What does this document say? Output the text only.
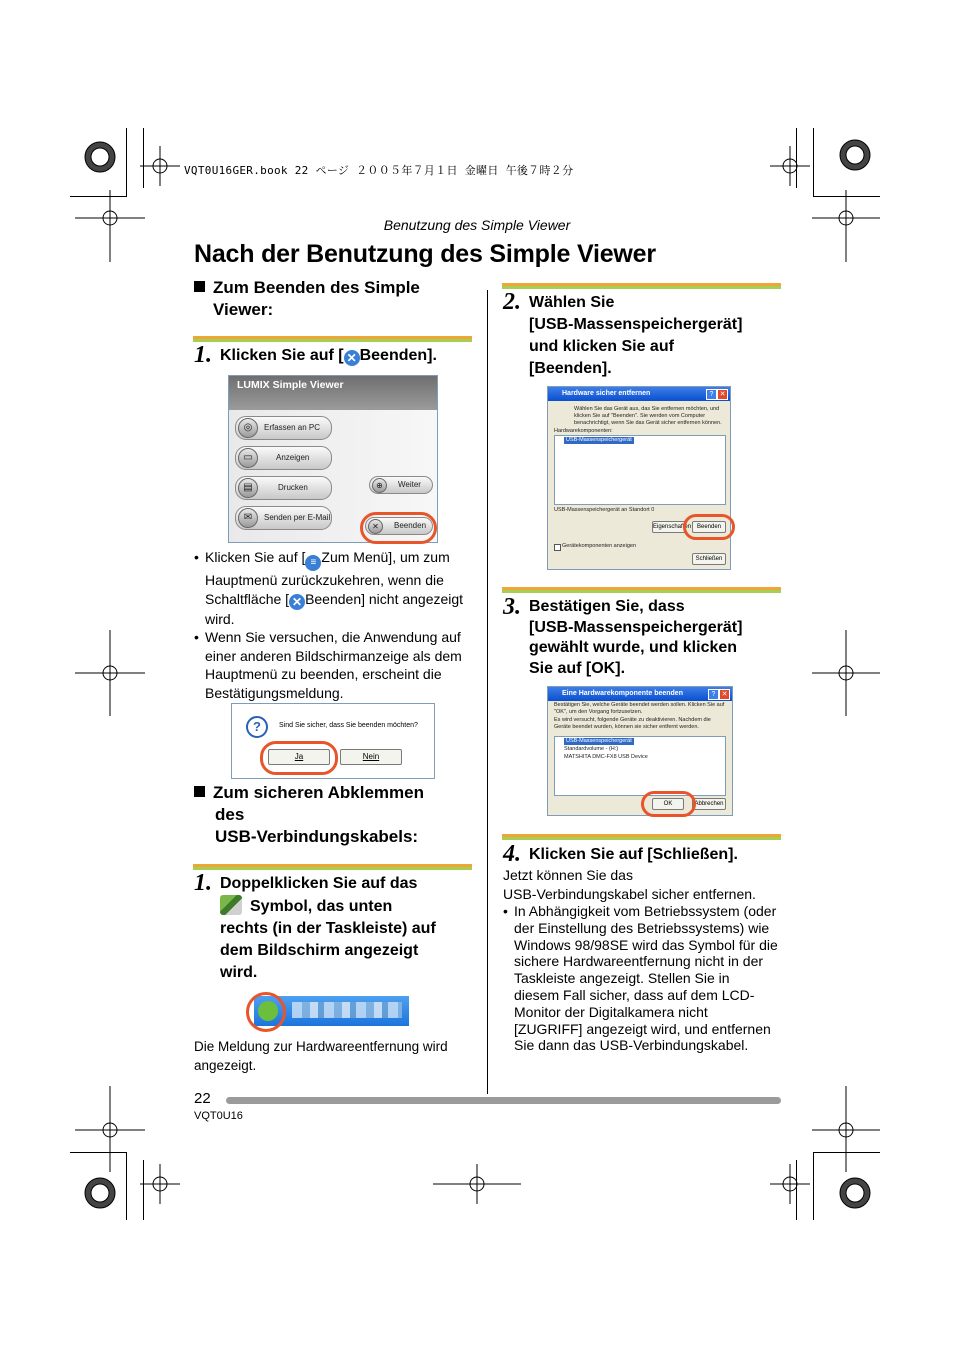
VQT0U16GER.book 22 ページ ２００５年７月１日 金曜日 午後７時２分
Benutzung des Simple Viewer
Nach der Benutzung des Simple Viewer
Zum Beenden des Simple Viewer:
1. Klicken Sie auf [ ✕ Beenden].
LUMIX Simple Viewer
◎	Erfassen an PC
▭	Anzeigen
▤	Drucken
✉	Senden per E-Mail
⊕	Weiter
✕	Beenden
• Klicken Sie auf [ ≡ Zum Menü], um zum Hauptmenü zurückzukehren, wenn die Schaltfläche [ ✕ Beenden] nicht angezeigt wird.
• Wenn Sie versuchen, die Anwendung auf einer anderen Bildschirmanzeige als dem Hauptmenü zu beenden, erscheint die Bestätigungsmeldung.
?	Sind Sie sicher, dass Sie beenden möchten?
Ja	Nein
Zum sicheren Abklemmen
des
USB-Verbindungskabels:
1. Doppelklicken Sie auf das
Symbol, das unten
rechts (in der Taskleiste) auf
dem Bildschirm angezeigt
wird.
Die Meldung zur Hardwareentfernung wird angezeigt.
2. Wählen Sie
[USB-Massenspeichergerät]
und klicken Sie auf
[Beenden].
Hardware sicher entfernen	? ✕
Wählen Sie das Gerät aus, das Sie entfernen möchten, und klicken Sie auf "Beenden". Sie werden vom Computer benachrichtigt, wenn Sie das Gerät sicher entfernen können.
Hardwarekomponenten:
USB-Massenspeichergerät
USB-Massenspeichergerät an Standort 0
Eigenschaften Beenden
Gerätekomponenten anzeigen
Schließen
3. Bestätigen Sie, dass
[USB-Massenspeichergerät]
gewählt wurde, und klicken
Sie auf [OK].
Eine Hardwarekomponente beenden	? ✕
Bestätigen Sie, welche Geräte beendet werden sollen. Klicken Sie auf "OK", um den Vorgang fortzusetzen.
Es wird versucht, folgende Geräte zu deaktivieren. Nachdem die Geräte beendet wurden, können sie sicher entfernt werden.
USB-Massenspeichergerät
Standardvolume - (H:)
MATSHITA DMC-FX8 USB Device
OK	Abbrechen
4. Klicken Sie auf [Schließen].
Jetzt können Sie das
USB-Verbindungskabel sicher entfernen.
• In Abhängigkeit vom Betriebssystem (oder der Einstellung des Betriebssystems) wie Windows 98/98SE wird das Symbol für die sichere Hardwareentfernung nicht in der Taskleiste angezeigt. Stellen Sie in diesem Fall sicher, dass auf dem LCD-Monitor der Digitalkamera nicht [ZUGRIFF] angezeigt wird, und entfernen Sie dann das USB-Verbindungskabel.
22
VQT0U16
